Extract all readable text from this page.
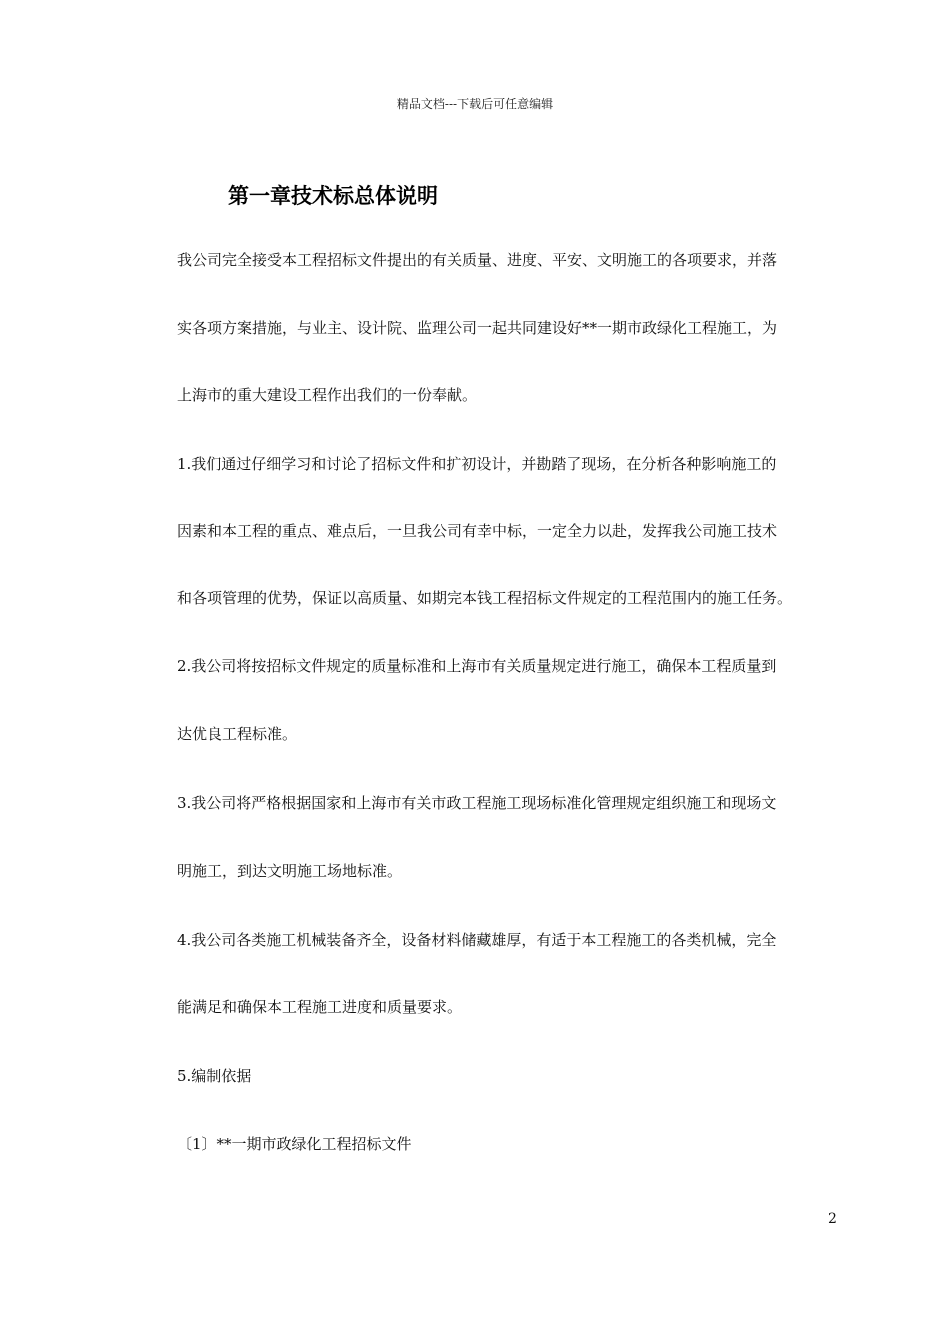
精品文档---下载后可任意编辑
第一章技术标总体说明
我公司完全接受本工程招标文件提出的有关质量、进度、平安、文明施工的各项要求，并落
实各项方案措施，与业主、设计院、监理公司一起共同建设好**一期市政绿化工程施工，为
上海市的重大建设工程作出我们的一份奉献。
1.我们通过仔细学习和讨论了招标文件和扩初设计，并勘踏了现场，在分析各种影响施工的
因素和本工程的重点、难点后，一旦我公司有幸中标，一定全力以赴，发挥我公司施工技术
和各项管理的优势，保证以高质量、如期完本钱工程招标文件规定的工程范围内的施工任务。
2.我公司将按招标文件规定的质量标准和上海市有关质量规定进行施工，确保本工程质量到
达优良工程标准。
3.我公司将严格根据国家和上海市有关市政工程施工现场标准化管理规定组织施工和现场文
明施工，到达文明施工场地标准。
4.我公司各类施工机械装备齐全，设备材料储藏雄厚，有适于本工程施工的各类机械，完全
能满足和确保本工程施工进度和质量要求。
5.编制依据
〔1〕**一期市政绿化工程招标文件
2
